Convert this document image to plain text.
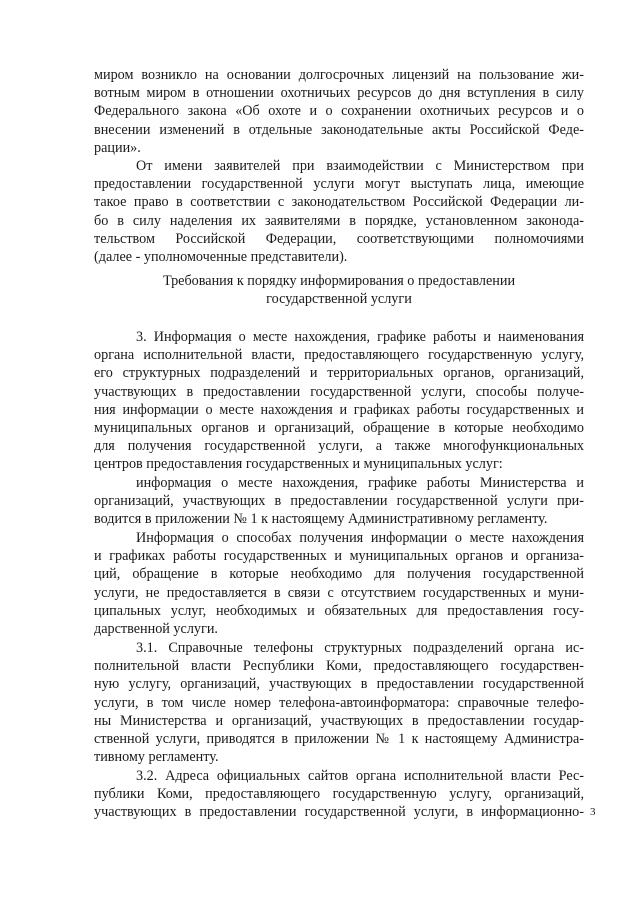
миром возникло на основании долгосрочных лицензий на пользование жи-
вотным миром в отношении охотничьих ресурсов до дня вступления в силу
Федерального закона «Об охоте и о сохранении охотничьих ресурсов и о
внесении изменений в отдельные законодательные акты Российской Феде-
рации».
От имени заявителей при взаимодействии с Министерством при
предоставлении государственной услуги могут выступать лица, имеющие
такое право в соответствии с законодательством Российской Федерации ли-
бо в силу наделения их заявителями в порядке, установленном законода-
тельством Российской Федерации, соответствующими полномочиями
(далее - уполномоченные представители).
Требования к порядку информирования о предоставлении
государственной услуги
3. Информация о месте нахождения, графике работы и наименования
органа исполнительной власти, предоставляющего государственную услугу,
его структурных подразделений и территориальных органов, организаций,
участвующих в предоставлении государственной услуги, способы получе-
ния информации о месте нахождения и графиках работы государственных и
муниципальных органов и организаций, обращение в которые необходимо
для получения государственной услуги, а также многофункциональных
центров предоставления государственных и муниципальных услуг:
информация о месте нахождения, графике работы Министерства и
организаций, участвующих в предоставлении государственной услуги при-
водится в приложении № 1 к настоящему Административному регламенту.
Информация о способах получения информации о месте нахождения
и графиках работы государственных и муниципальных органов и организа-
ций, обращение в которые необходимо для получения государственной
услуги, не предоставляется в связи с отсутствием государственных и муни-
ципальных услуг, необходимых и обязательных для предоставления госу-
дарственной услуги.
3.1. Справочные телефоны структурных подразделений органа ис-
полнительной власти Республики Коми, предоставляющего государствен-
ную услугу, организаций, участвующих в предоставлении государственной
услуги, в том числе номер телефона-автоинформатора: справочные телефо-
ны Министерства и организаций, участвующих в предоставлении государ-
ственной услуги, приводятся в приложении № 1 к настоящему Администра-
тивному регламенту.
3.2. Адреса официальных сайтов органа исполнительной власти Рес-
публики Коми, предоставляющего государственную услугу, организаций,
участвующих в предоставлении государственной услуги, в информационно- 3
